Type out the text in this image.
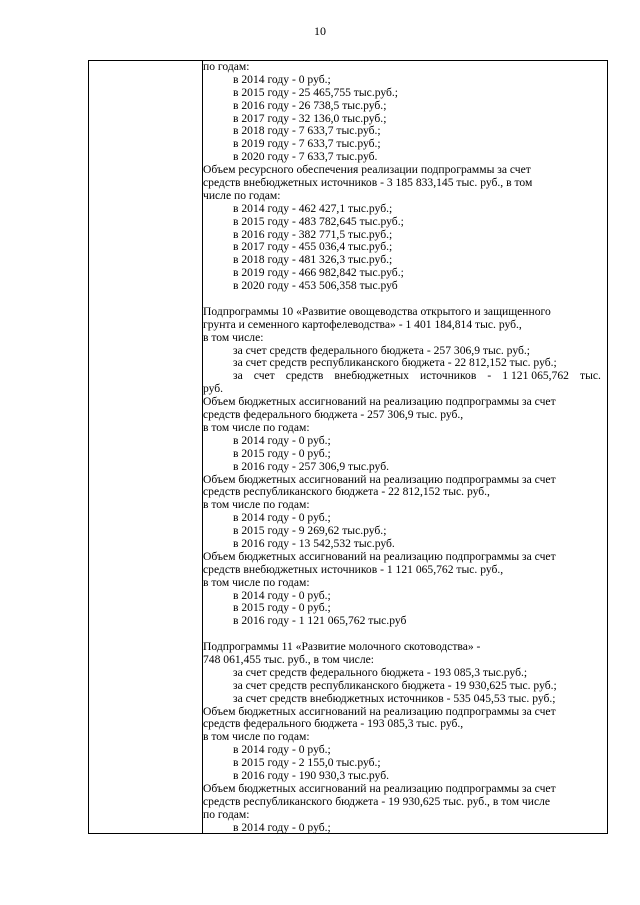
10
по годам:
в 2014 году - 0 руб.;
в 2015 году - 25 465,755 тыс.руб.;
в 2016 году - 26 738,5 тыс.руб.;
в 2017 году - 32 136,0 тыс.руб.;
в 2018 году - 7 633,7 тыс.руб.;
в 2019 году - 7 633,7 тыс.руб.;
в 2020 году - 7 633,7 тыс.руб.
Объем ресурсного обеспечения реализации подпрограммы за счет
средств внебюджетных источников - 3 185 833,145 тыс. руб., в том
числе по годам:
в 2014 году - 462 427,1 тыс.руб.;
в 2015 году - 483 782,645 тыс.руб.;
в 2016 году - 382 771,5 тыс.руб.;
в 2017 году - 455 036,4 тыс.руб.;
в 2018 году - 481 326,3 тыс.руб.;
в 2019 году - 466 982,842 тыс.руб.;
в 2020 году - 453 506,358 тыс.руб
Подпрограммы 10 «Развитие овощеводства открытого и защищенного
грунта и семенного картофелеводства» - 1 401 184,814 тыс. руб.,
в том числе:
за счет средств федерального бюджета - 257 306,9 тыс. руб.;
за счет средств республиканского бюджета - 22 812,152 тыс. руб.;
за счет средств внебюджетных источников - 1 121 065,762 тыс.
руб.
Объем бюджетных ассигнований на реализацию подпрограммы за счет
средств федерального бюджета - 257 306,9 тыс. руб.,
в том числе по годам:
в 2014 году - 0 руб.;
в 2015 году - 0 руб.;
в 2016 году - 257 306,9 тыс.руб.
Объем бюджетных ассигнований на реализацию подпрограммы за счет
средств республиканского бюджета - 22 812,152 тыс. руб.,
в том числе по годам:
в 2014 году - 0 руб.;
в 2015 году - 9 269,62 тыс.руб.;
в 2016 году - 13 542,532 тыс.руб.
Объем бюджетных ассигнований на реализацию подпрограммы за счет
средств внебюджетных источников - 1 121 065,762 тыс. руб.,
в том числе по годам:
в 2014 году - 0 руб.;
в 2015 году - 0 руб.;
в 2016 году - 1 121 065,762 тыс.руб
Подпрограммы 11 «Развитие молочного скотоводства» -
748 061,455 тыс. руб., в том числе:
за счет средств федерального бюджета - 193 085,3 тыс.руб.;
за счет средств республиканского бюджета - 19 930,625 тыс. руб.;
за счет средств внебюджетных источников - 535 045,53 тыс. руб.;
Объем бюджетных ассигнований на реализацию подпрограммы за счет
средств федерального бюджета - 193 085,3 тыс. руб.,
в том числе по годам:
в 2014 году - 0 руб.;
в 2015 году - 2 155,0 тыс.руб.;
в 2016 году - 190 930,3 тыс.руб.
Объем бюджетных ассигнований на реализацию подпрограммы за счет
средств республиканского бюджета - 19 930,625 тыс. руб., в том числе
по годам:
в 2014 году - 0 руб.;
